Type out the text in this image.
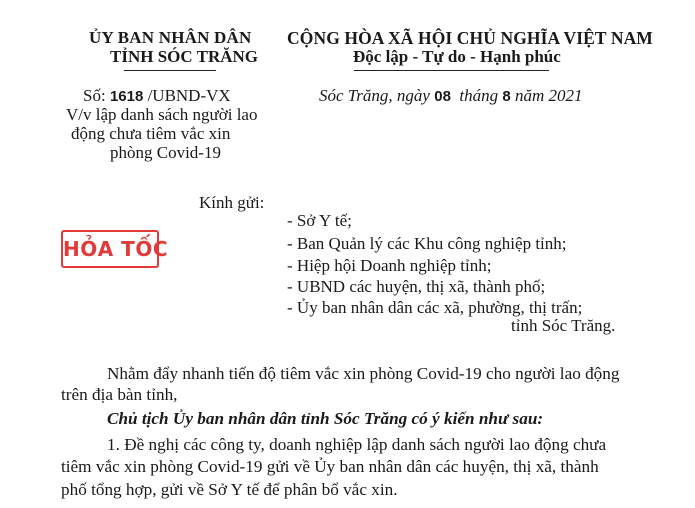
ỦY BAN NHÂN DÂN
TỈNH SÓC TRĂNG
CỘNG HÒA XÃ HỘI CHỦ NGHĨA VIỆT NAM
Độc lập - Tự do - Hạnh phúc
Số: 1618 /UBND-VX
V/v lập danh sách người lao
động chưa tiêm vắc xin
phòng Covid-19
Sóc Trăng, ngày 08 tháng 8 năm 2021
HỎA TỐC
Kính gửi:
- Sở Y tế;
- Ban Quản lý các Khu công nghiệp tỉnh;
- Hiệp hội Doanh nghiệp tỉnh;
- UBND các huyện, thị xã, thành phố;
- Ủy ban nhân dân các xã, phường, thị trấn;
tỉnh Sóc Trăng.
Nhằm đẩy nhanh tiến độ tiêm vắc xin phòng Covid-19 cho người lao động
trên địa bàn tỉnh,
Chủ tịch Ủy ban nhân dân tỉnh Sóc Trăng có ý kiến như sau:
1. Đề nghị các công ty, doanh nghiệp lập danh sách người lao động chưa
tiêm vắc xin phòng Covid-19 gửi về Ủy ban nhân dân các huyện, thị xã, thành
phố tổng hợp, gửi về Sở Y tế để phân bổ vắc xin.
